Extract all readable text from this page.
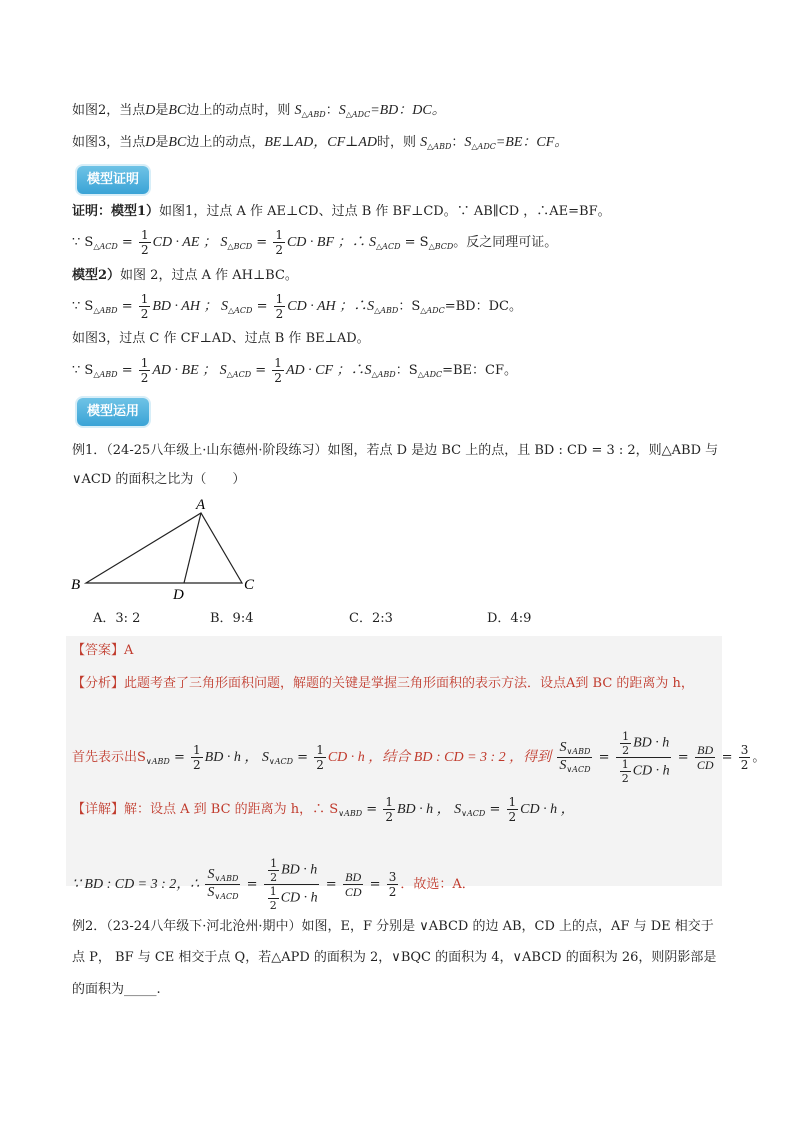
如图2，当点D是BC边上的动点时，则 $S_{\triangle ABD}$：$S_{\triangle ADC}=BD$：DC。
如图3，当点D是BC边上的动点，BE⊥AD，CF⊥AD时，则 $S_{\triangle ABD}$：$S_{\triangle ADC}=BE$：CF。
模型证明
证明：模型1）如图1，过点 A 作 AE⊥CD、过点 B 作 BF⊥CD。∵ AB∥CD ，∴AE=BF。
∵ $S_{\triangle ACD} = \frac{1}{2}$ CD · AE ； $S_{\triangle BCD} = \frac{1}{2}$ CD · BF ；∴ $S_{\triangle ACD} = S_{\triangle BCD}$。反之同理可证。
模型2）如图 2，过点 A 作 AH⊥BC。
∵ $S_{\triangle ABD} = \frac{1}{2}$ BD · AH ； $S_{\triangle ACD} = \frac{1}{2}$ CD · AH ；$\therefore S_{\triangle ABD}$：$S_{\triangle ADC}=BD$：DC。
如图3，过点 C 作 CF⊥AD、过点 B 作 BE⊥AD。
∵ $S_{\triangle ABD} = \frac{1}{2}$ AD · BE ； $S_{\triangle ACD} = \frac{1}{2}$ AD · CF ；$\therefore S_{\triangle ABD}$：$S_{\triangle ADC}=BE$：CF。
模型运用
例1．（24-25八年级上·山东德州·阶段练习）如图，若点 D 是边 BC 上的点，且 BD : CD = 3 : 2，则△ABD 与
∨ACD 的面积之比为（　　）
A
B	C
D
A．3: 2	B．9:4	C．2:3	D．4:9
【答案】A
【分析】此题考查了三角形面积问题，解题的关键是掌握三角形面积的表示方法．设点A到 BC 的距离为 h，
首先表示出$S_{\vee ABD} = \frac{1}{2}$ BD · h ， $S_{\vee ACD} = \frac{1}{2}$ CD · h ，结合 BD : CD = 3 : 2 ，得到 $\frac{S_{\vee ABD}}{S_{\vee ACD}} = \frac{\frac{1}{2} BD \cdot h}{\frac{1}{2} CD \cdot h} = \frac{BD}{CD} = \frac{3}{2}$ 。
【详解】解：设点 A 到 BC 的距离为 h，∴ $S_{\vee ABD} = \frac{1}{2}$ BD · h ， $S_{\vee ACD} = \frac{1}{2}$ CD · h ，
∵ BD : CD = 3 : 2，∴ $\frac{S_{\vee ABD}}{S_{\vee ACD}} = \frac{\frac{1}{2} BD \cdot h}{\frac{1}{2} CD \cdot h} = \frac{BD}{CD} = \frac{3}{2}$ ．故选：A．
例2．（23-24八年级下·河北沧州·期中）如图，E，F 分别是 ∨ABCD 的边 AB，CD 上的点，AF 与 DE 相交于
点 P， BF 与 CE 相交于点 Q，若△APD 的面积为 2，∨BQC 的面积为 4，∨ABCD 的面积为 26，则阴影部是
的面积为_____.
